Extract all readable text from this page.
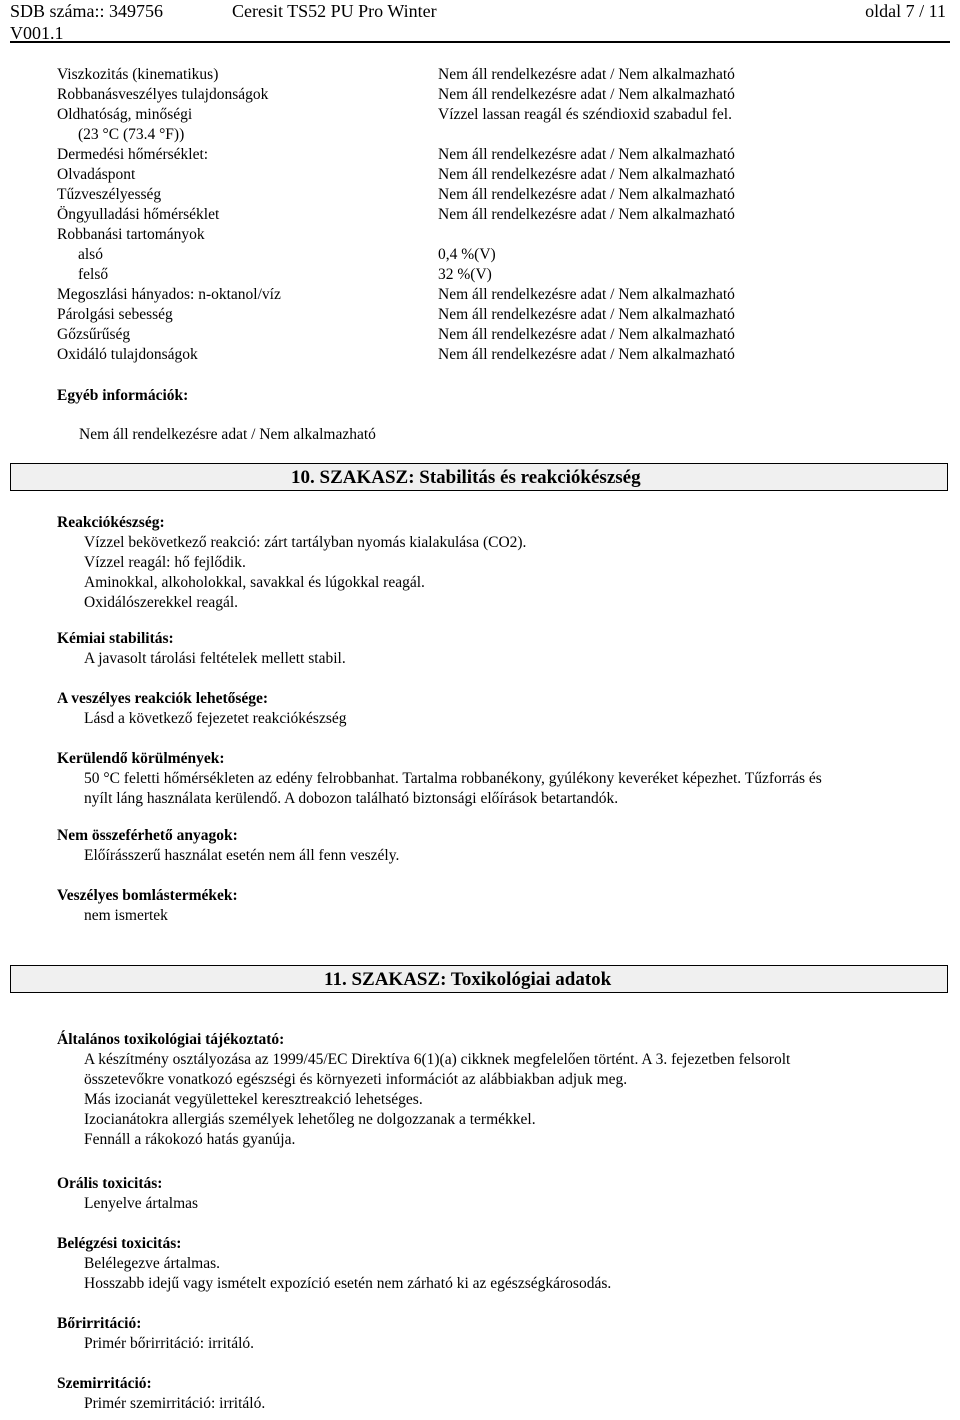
SDB száma:: 349756
V001.1
Ceresit TS52 PU Pro Winter	oldal 7 / 11
Viszkozitás (kinematikus)	Nem áll rendelkezésre adat / Nem alkalmazható
Robbanásveszélyes tulajdonságok	Nem áll rendelkezésre adat / Nem alkalmazható
Oldhatóság, minőségi	Vízzel lassan reagál és széndioxid szabadul fel.
(23 °C (73.4 °F))
Dermedési hőmérséklet:	Nem áll rendelkezésre adat / Nem alkalmazható
Olvadáspont	Nem áll rendelkezésre adat / Nem alkalmazható
Tűzveszélyesség	Nem áll rendelkezésre adat / Nem alkalmazható
Öngyulladási hőmérséklet	Nem áll rendelkezésre adat / Nem alkalmazható
Robbanási tartományok
alsó	0,4 %(V)
felső	32 %(V)
Megoszlási hányados: n-oktanol/víz	Nem áll rendelkezésre adat / Nem alkalmazható
Párolgási sebesség	Nem áll rendelkezésre adat / Nem alkalmazható
Gőzsűrűség	Nem áll rendelkezésre adat / Nem alkalmazható
Oxidáló tulajdonságok	Nem áll rendelkezésre adat / Nem alkalmazható
Egyéb információk:
Nem áll rendelkezésre adat / Nem alkalmazható
10. SZAKASZ: Stabilitás és reakciókészség
Reakciókészség:
Vízzel bekövetkező reakció: zárt tartályban nyomás kialakulása (CO2).
Vízzel reagál: hő fejlődik.
Aminokkal, alkoholokkal, savakkal és lúgokkal reagál.
Oxidálószerekkel reagál.
Kémiai stabilitás:
A javasolt tárolási feltételek mellett stabil.
A veszélyes reakciók lehetősége:
Lásd a következő fejezetet reakciókészség
Kerülendő körülmények:
50 °C feletti hőmérsékleten az edény felrobbanhat. Tartalma robbanékony, gyúlékony keveréket képezhet. Tűzforrás és
nyílt láng használata kerülendő. A dobozon található biztonsági előírások betartandók.
Nem összeférhető anyagok:
Előírásszerű használat esetén nem áll fenn veszély.
Veszélyes bomlástermékek:
nem ismertek
11. SZAKASZ: Toxikológiai adatok
Általános toxikológiai tájékoztató:
A készítmény osztályozása az 1999/45/EC Direktíva 6(1)(a) cikknek megfelelően történt. A 3. fejezetben felsorolt
összetevőkre vonatkozó egészségi és környezeti információt az alábbiakban adjuk meg.
Más izocianát vegyülettekel keresztreakció lehetséges.
Izocianátokra allergiás személyek lehetőleg ne dolgozzanak a termékkel.
Fennáll a rákokozó hatás gyanúja.
Orális toxicitás:
Lenyelve ártalmas
Belégzési toxicitás:
Belélegezve ártalmas.
Hosszabb idejű vagy ismételt expozíció esetén nem zárható ki az egészségkárosodás.
Bőrirritáció:
Primér bőrirritáció: irritáló.
Szemirritáció:
Primér szemirritáció: irritáló.
